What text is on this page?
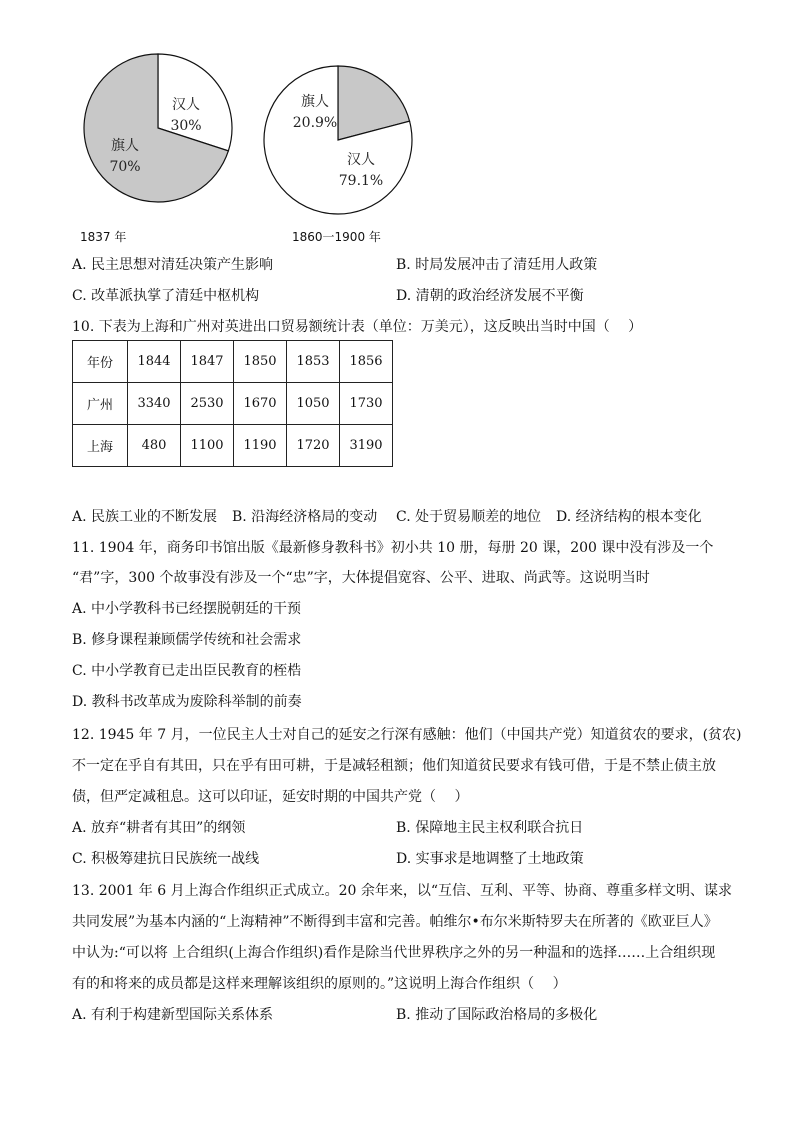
汉人
30%
旗人
70%
1837 年
旗人
20.9%
汉人
79.1%
1860一1900 年
A. 民主思想对清廷决策产生影响	B. 时局发展冲击了清廷用人政策
C. 改革派执掌了清廷中枢机构	D. 清朝的政治经济发展不平衡
10. 下表为上海和广州对英进出口贸易额统计表（单位：万美元），这反映出当时中国（　 ）
年份	1844	1847	1850	1853	1856
广州	3340	2530	1670	1050	1730
上海	480	1100	1190	1720	3190
A. 民族工业的不断发展 B. 沿海经济格局的变动 C. 处于贸易顺差的地位 D. 经济结构的根本变化
11. 1904 年，商务印书馆出版《最新修身教科书》初小共 10 册，每册 20 课，200 课中没有涉及一个
“君”字，300 个故事没有涉及一个“忠”字，大体提倡宽容、公平、进取、尚武等。这说明当时
A. 中小学教科书已经摆脱朝廷的干预
B. 修身课程兼顾儒学传统和社会需求
C. 中小学教育已走出臣民教育的桎梏
D. 教科书改革成为废除科举制的前奏
12. 1945 年 7 月，一位民主人士对自己的延安之行深有感触：他们（中国共产党）知道贫农的要求，(贫农)
不一定在乎自有其田，只在乎有田可耕，于是减轻租额；他们知道贫民要求有钱可借，于是不禁止债主放
债，但严定减租息。这可以印证，延安时期的中国共产党（　 ）
A. 放弃“耕者有其田”的纲领	B. 保障地主民主权利联合抗日
C. 积极筹建抗日民族统一战线	D. 实事求是地调整了土地政策
13. 2001 年 6 月上海合作组织正式成立。20 余年来，以“互信、互利、平等、协商、尊重多样文明、谋求
共同发展”为基本内涵的“上海精神”不断得到丰富和完善。帕维尔•布尔米斯特罗夫在所著的《欧亚巨人》
中认为:“可以将 上合组织(上海合作组织)看作是除当代世界秩序之外的另一种温和的选择……上合组织现
有的和将来的成员都是这样来理解该组织的原则的。”这说明上海合作组织（　 ）
A. 有利于构建新型国际关系体系	B. 推动了国际政治格局的多极化
